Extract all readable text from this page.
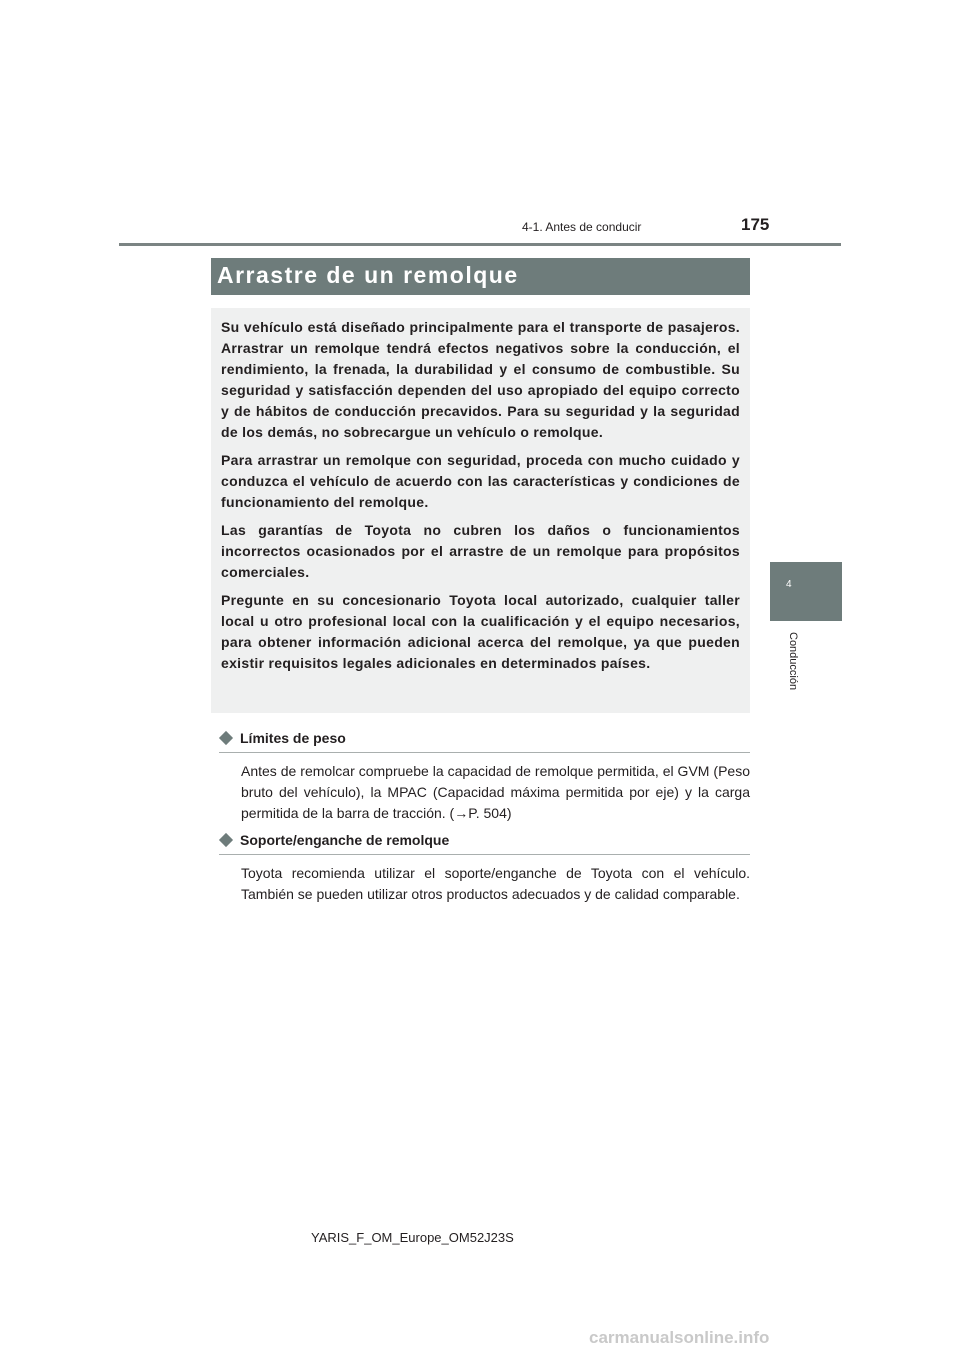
4-1. Antes de conducir	175
4
Conducción
Arrastre de un remolque

Su vehículo está diseñado principalmente para el transporte de pasajeros. Arrastrar un remolque tendrá efectos negativos sobre la conducción, el rendimiento, la frenada, la durabilidad y el consumo de combustible. Su seguridad y satisfacción dependen del uso apropiado del equipo correcto y de hábitos de conducción precavidos. Para su seguridad y la seguridad de los demás, no sobrecargue un vehículo o remolque.

Para arrastrar un remolque con seguridad, proceda con mucho cuidado y conduzca el vehículo de acuerdo con las características y condiciones de funcionamiento del remolque.

Las garantías de Toyota no cubren los daños o funcionamientos incorrectos ocasionados por el arrastre de un remolque para propósitos comerciales.

Pregunte en su concesionario Toyota local autorizado, cualquier taller local u otro profesional local con la cualificación y el equipo necesarios, para obtener información adicional acerca del remolque, ya que pueden existir requisitos legales adicionales en determinados países.

Límites de peso
Antes de remolcar compruebe la capacidad de remolque permitida, el GVM (Peso bruto del vehículo), la MPAC (Capacidad máxima permitida por eje) y la carga permitida de la barra de tracción. (→P. 504)
Soporte/enganche de remolque
Toyota recomienda utilizar el soporte/enganche de Toyota con el vehículo. También se pueden utilizar otros productos adecuados y de calidad comparable.
YARIS_F_OM_Europe_OM52J23S
carmanualsonline.info
